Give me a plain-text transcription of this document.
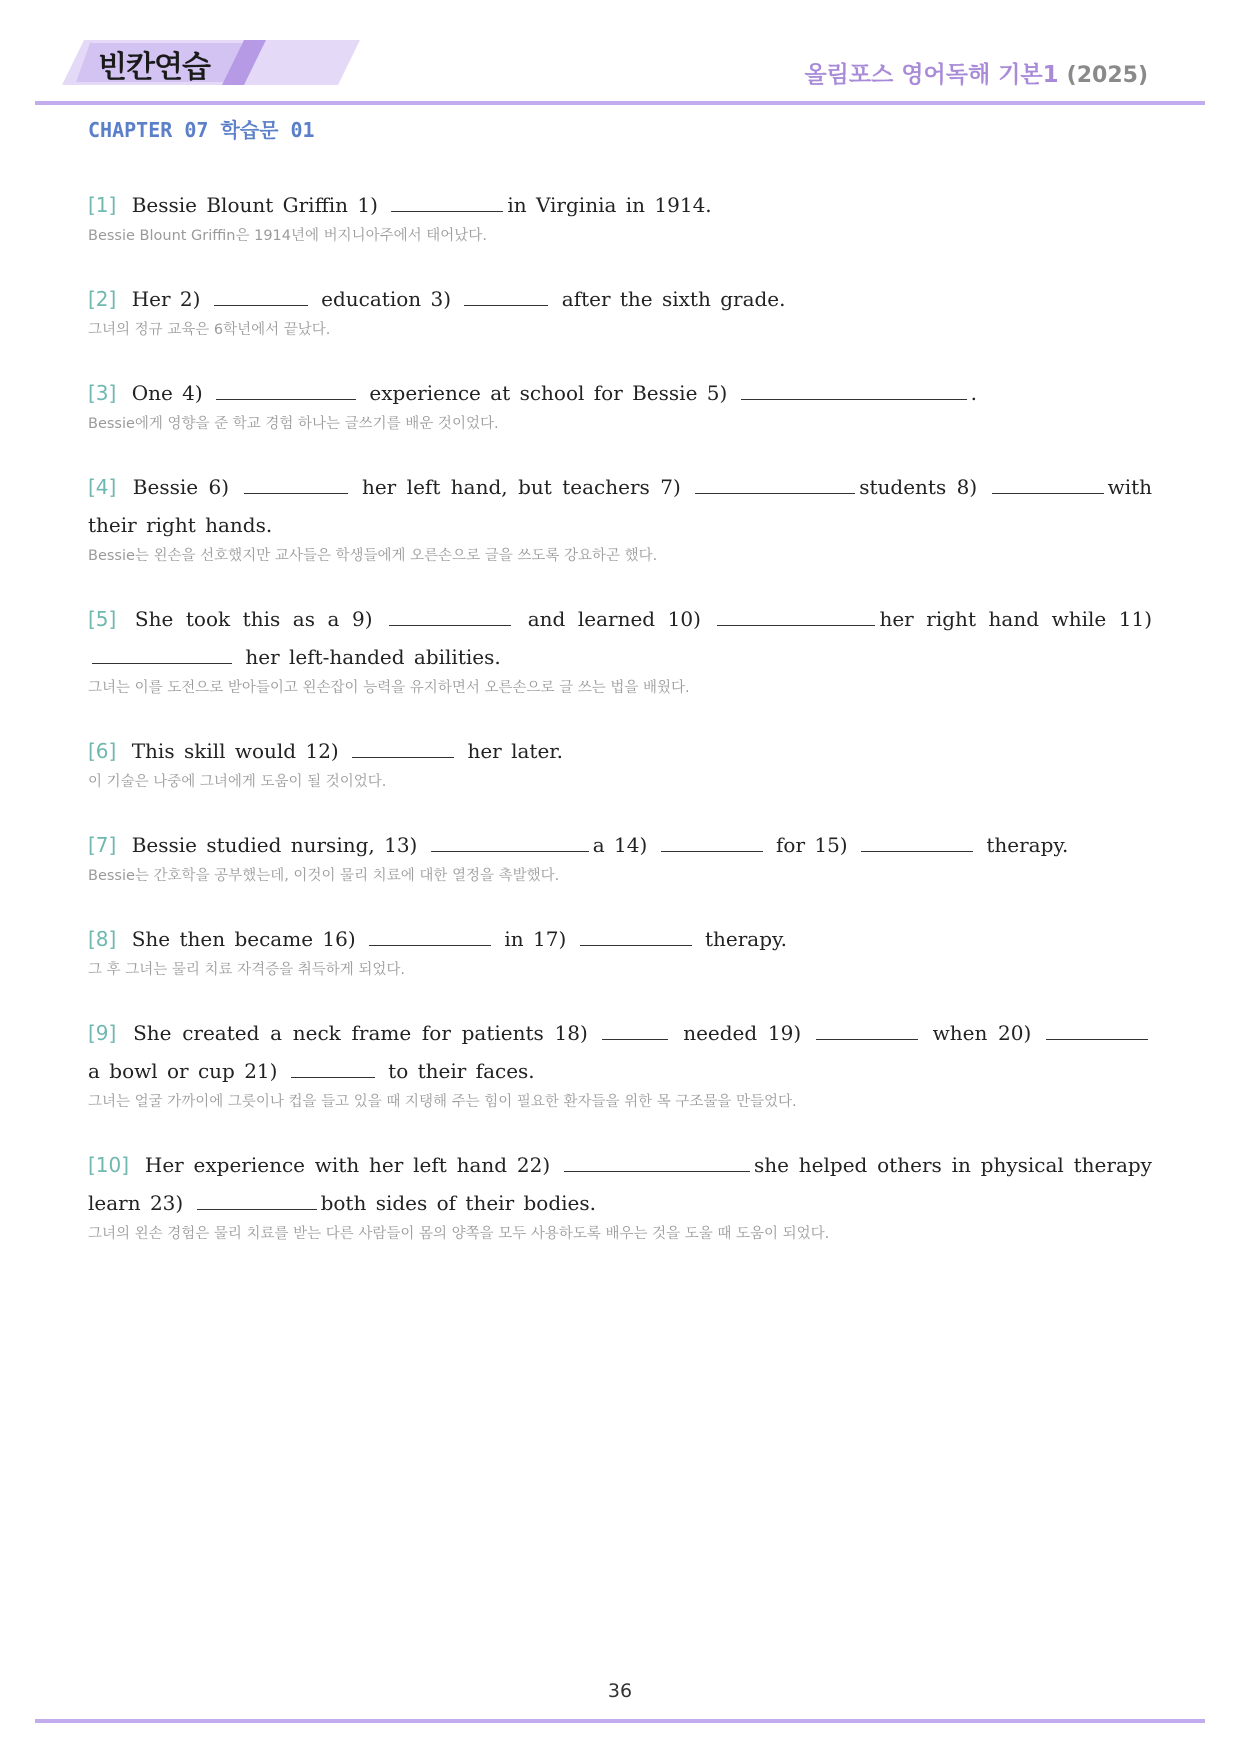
빈칸연습	올림포스 영어독해 기본1 (2025)
CHAPTER 07 학습문 01
[1] Bessie Blount Griffin 1)	in Virginia in 1914.
Bessie Blount Griffin은 1914년에 버지니아주에서 태어났다.
[2] Her 2)	education 3)	after the sixth grade.
그녀의 정규 교육은 6학년에서 끝났다.
[3] One 4)	experience at school for Bessie 5)	.
Bessie에게 영향을 준 학교 경험 하나는 글쓰기를 배운 것이었다.
[4] Bessie 6)	her left hand, but teachers 7)	students 8)	with their right hands.
Bessie는 왼손을 선호했지만 교사들은 학생들에게 오른손으로 글을 쓰도록 강요하곤 했다.
[5] She took this as a 9)	and learned 10)	her right hand while 11)  her left-handed abilities.
그녀는 이를 도전으로 받아들이고 왼손잡이 능력을 유지하면서 오른손으로 글 쓰는 법을 배웠다.
[6] This skill would 12)	her later.
이 기술은 나중에 그녀에게 도움이 될 것이었다.
[7] Bessie studied nursing, 13)	a 14)	for 15)	therapy.
Bessie는 간호학을 공부했는데, 이것이 물리 치료에 대한 열정을 촉발했다.
[8] She then became 16)	in 17)	therapy.
그 후 그녀는 물리 치료 자격증을 취득하게 되었다.
[9] She created a neck frame for patients 18)	needed 19)	when 20)  a bowl or cup 21)	to their faces.
그녀는 얼굴 가까이에 그릇이나 컵을 들고 있을 때 지탱해 주는 힘이 필요한 환자들을 위한 목 구조물을 만들었다.
[10] Her experience with her left hand 22)	she helped others in physical therapy learn 23)	both sides of their bodies.
그녀의 왼손 경험은 물리 치료를 받는 다른 사람들이 몸의 양쪽을 모두 사용하도록 배우는 것을 도울 때 도움이 되었다.
36
